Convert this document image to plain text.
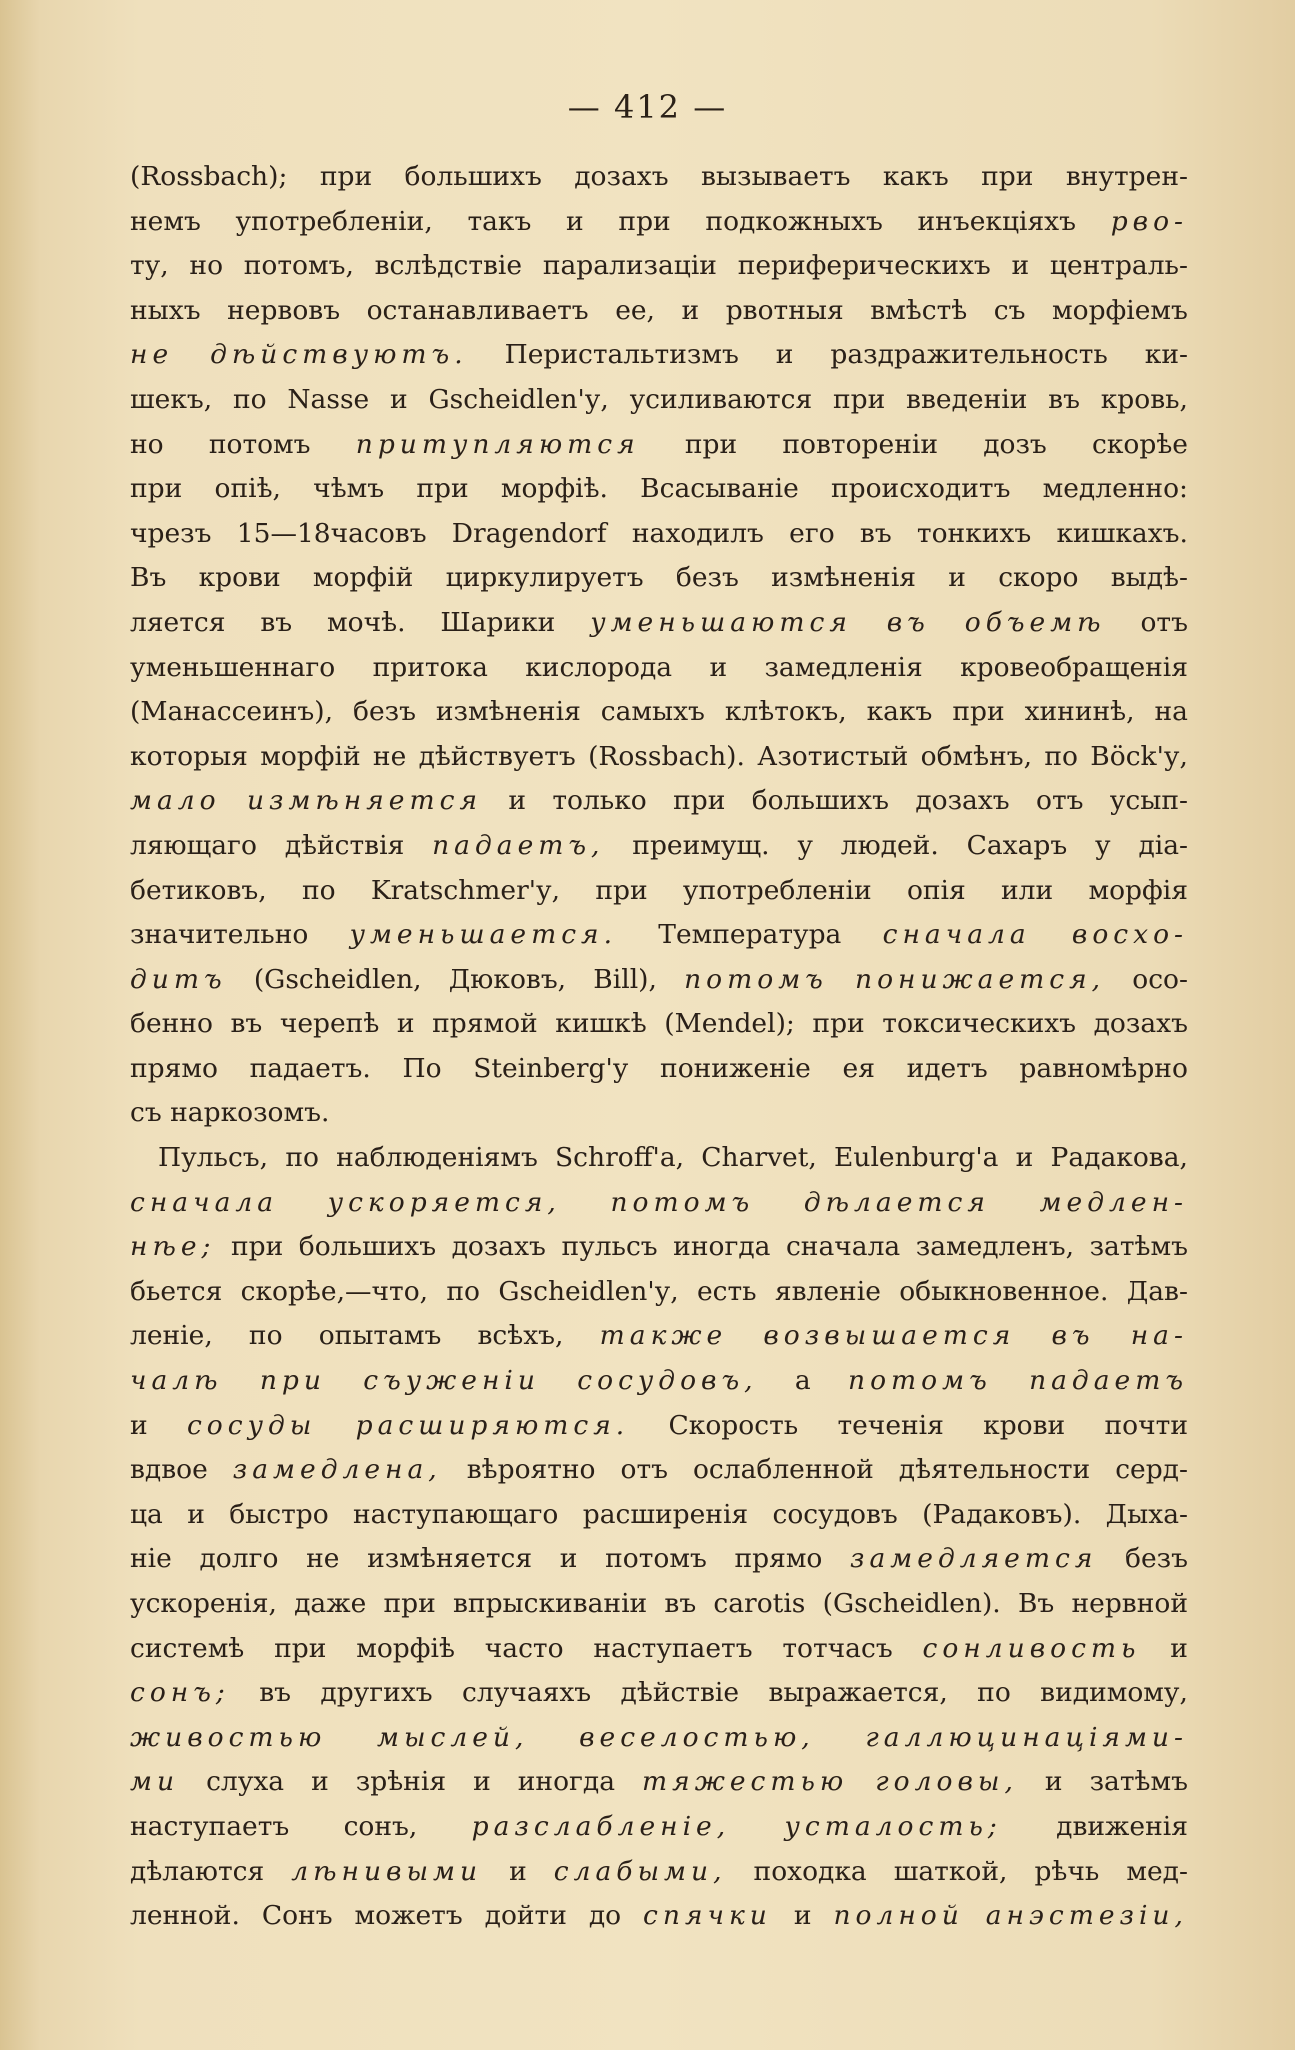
— 412 —
(Rossbach); при большихъ дозахъ вызываетъ какъ при внутрен-
немъ употребленіи, такъ и при подкожныхъ инъекціяхъ рво-
ту, но потомъ, вслѣдствіе парализаціи периферическихъ и централь-
ныхъ нервовъ останавливаетъ ее, и рвотныя вмѣстѣ съ морфіемъ
не дѣйствуютъ. Перистальтизмъ и раздражительность ки-
шекъ, по Nasse и Gscheidlen'у, усиливаются при введеніи въ кровь,
но потомъ притупляются при повтореніи дозъ скорѣе
при опіѣ, чѣмъ при морфіѣ. Всасываніе происходитъ медленно:
чрезъ 15—18часовъ Dragendorf находилъ его въ тонкихъ кишкахъ.
Въ крови морфій циркулируетъ безъ измѣненія и скоро выдѣ-
ляется въ мочѣ. Шарики уменьшаются въ объемѣ отъ
уменьшеннаго притока кислорода и замедленія кровеобращенія
(Манассеинъ), безъ измѣненія самыхъ клѣтокъ, какъ при хининѣ, на
которыя морфій не дѣйствуетъ (Rossbach). Азотистый обмѣнъ, по Böck'у,
мало измѣняется и только при большихъ дозахъ отъ усып-
ляющаго дѣйствія падаетъ, преимущ. у людей. Сахаръ у діа-
бетиковъ, по Kratschmer'у, при употребленіи опія или морфія
значительно уменьшается. Температура сначала восхо-
дитъ (Gscheidlen, Дюковъ, Bill), потомъ понижается, осо-
бенно въ черепѣ и прямой кишкѣ (Mendel); при токсическихъ дозахъ
прямо падаетъ. По Steinberg'у пониженіе ея идетъ равномѣрно
съ наркозомъ.
Пульсъ, по наблюденіямъ Schroff'а, Charvet, Eulenburg'а и Радакова,
сначала ускоряется, потомъ дѣлается медлен-
нѣе; при большихъ дозахъ пульсъ иногда сначала замедленъ, затѣмъ
бьется скорѣе,—что, по Gscheidlen'у, есть явленіе обыкновенное. Дав-
леніе, по опытамъ всѣхъ, также возвышается въ на-
чалѣ при съуженіи сосудовъ, а потомъ падаетъ
и сосуды расширяются. Скорость теченія крови почти
вдвое замедлена, вѣроятно отъ ослабленной дѣятельности серд-
ца и быстро наступающаго расширенія сосудовъ (Радаковъ). Дыха-
ніе долго не измѣняется и потомъ прямо замедляется безъ
ускоренія, даже при впрыскиваніи въ carotis (Gscheidlen). Въ нервной
системѣ при морфіѣ часто наступаетъ тотчасъ сонливость и
сонъ; въ другихъ случаяхъ дѣйствіе выражается, по видимому,
живостью мыслей, веселостью, галлюцинаціями-
ми слуха и зрѣнія и иногда тяжестью головы, и затѣмъ
наступаетъ сонъ, разслабленіе, усталость; движенія
дѣлаются лѣнивыми и слабыми, походка шаткой, рѣчь мед-
ленной. Сонъ можетъ дойти до спячки и полной анэстезіи,
